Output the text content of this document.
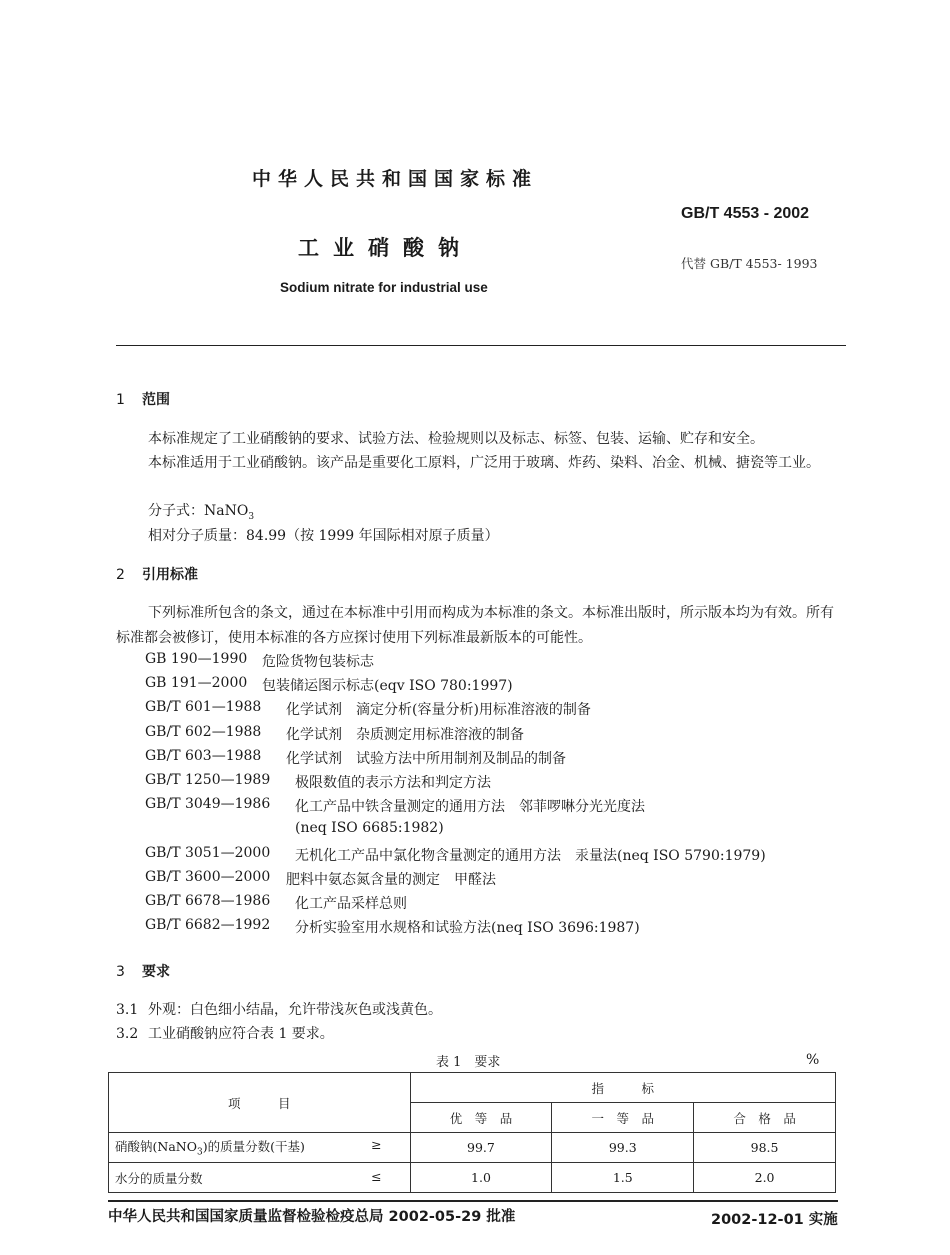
中华人民共和国国家标准
GB/T 4553 - 2002
工业硝酸钠
代替 GB/T 4553- 1993
Sodium nitrate for industrial use
1 范围
本标准规定了工业硝酸钠的要求、试验方法、检验规则以及标志、标签、包装、运输、贮存和安全。
本标准适用于工业硝酸钠。该产品是重要化工原料，广泛用于玻璃、炸药、染料、冶金、机械、搪瓷等工业。
分子式：NaNO$_3$
相对分子质量：84.99（按 1999 年国际相对原子质量）
2 引用标准
下列标准所包含的条文，通过在本标准中引用而构成为本标准的条文。本标准出版时，所示版本均为有效。所有标准都会被修订，使用本标准的各方应探讨使用下列标准最新版本的可能性。
GB 190—1990 危险货物包装标志
GB 191—2000 包装储运图示标志(eqv ISO 780:1997)
GB/T 601—1988 化学试剂　滴定分析(容量分析)用标准溶液的制备
GB/T 602—1988 化学试剂　杂质测定用标准溶液的制备
GB/T 603—1988 化学试剂　试验方法中所用制剂及制品的制备
GB/T 1250—1989 极限数值的表示方法和判定方法
GB/T 3049—1986 化工产品中铁含量测定的通用方法　邻菲啰啉分光光度法
(neq ISO 6685:1982)
GB/T 3051—2000 无机化工产品中氯化物含量测定的通用方法　汞量法(neq ISO 5790:1979)
GB/T 3600—2000 肥料中氨态氮含量的测定　甲醛法
GB/T 6678—1986 化工产品采样总则
GB/T 6682—1992 分析实验室用水规格和试验方法(neq ISO 3696:1987)
3 要求
3.1 外观：白色细小结晶，允许带浅灰色或浅黄色。
3.2 工业硝酸钠应符合表 1 要求。
表 1　要求	%
项　　　目	指　　　标		
	优　等　品	一　等　品	合　格　品
硝酸钠(NaNO$_3$)的质量分数(干基) ≥	99.7	99.3	98.5
水分的质量分数 ≤	1.0	1.5	2.0
中华人民共和国国家质量监督检验检疫总局 2002-05-29 批准	2002-12-01 实施
